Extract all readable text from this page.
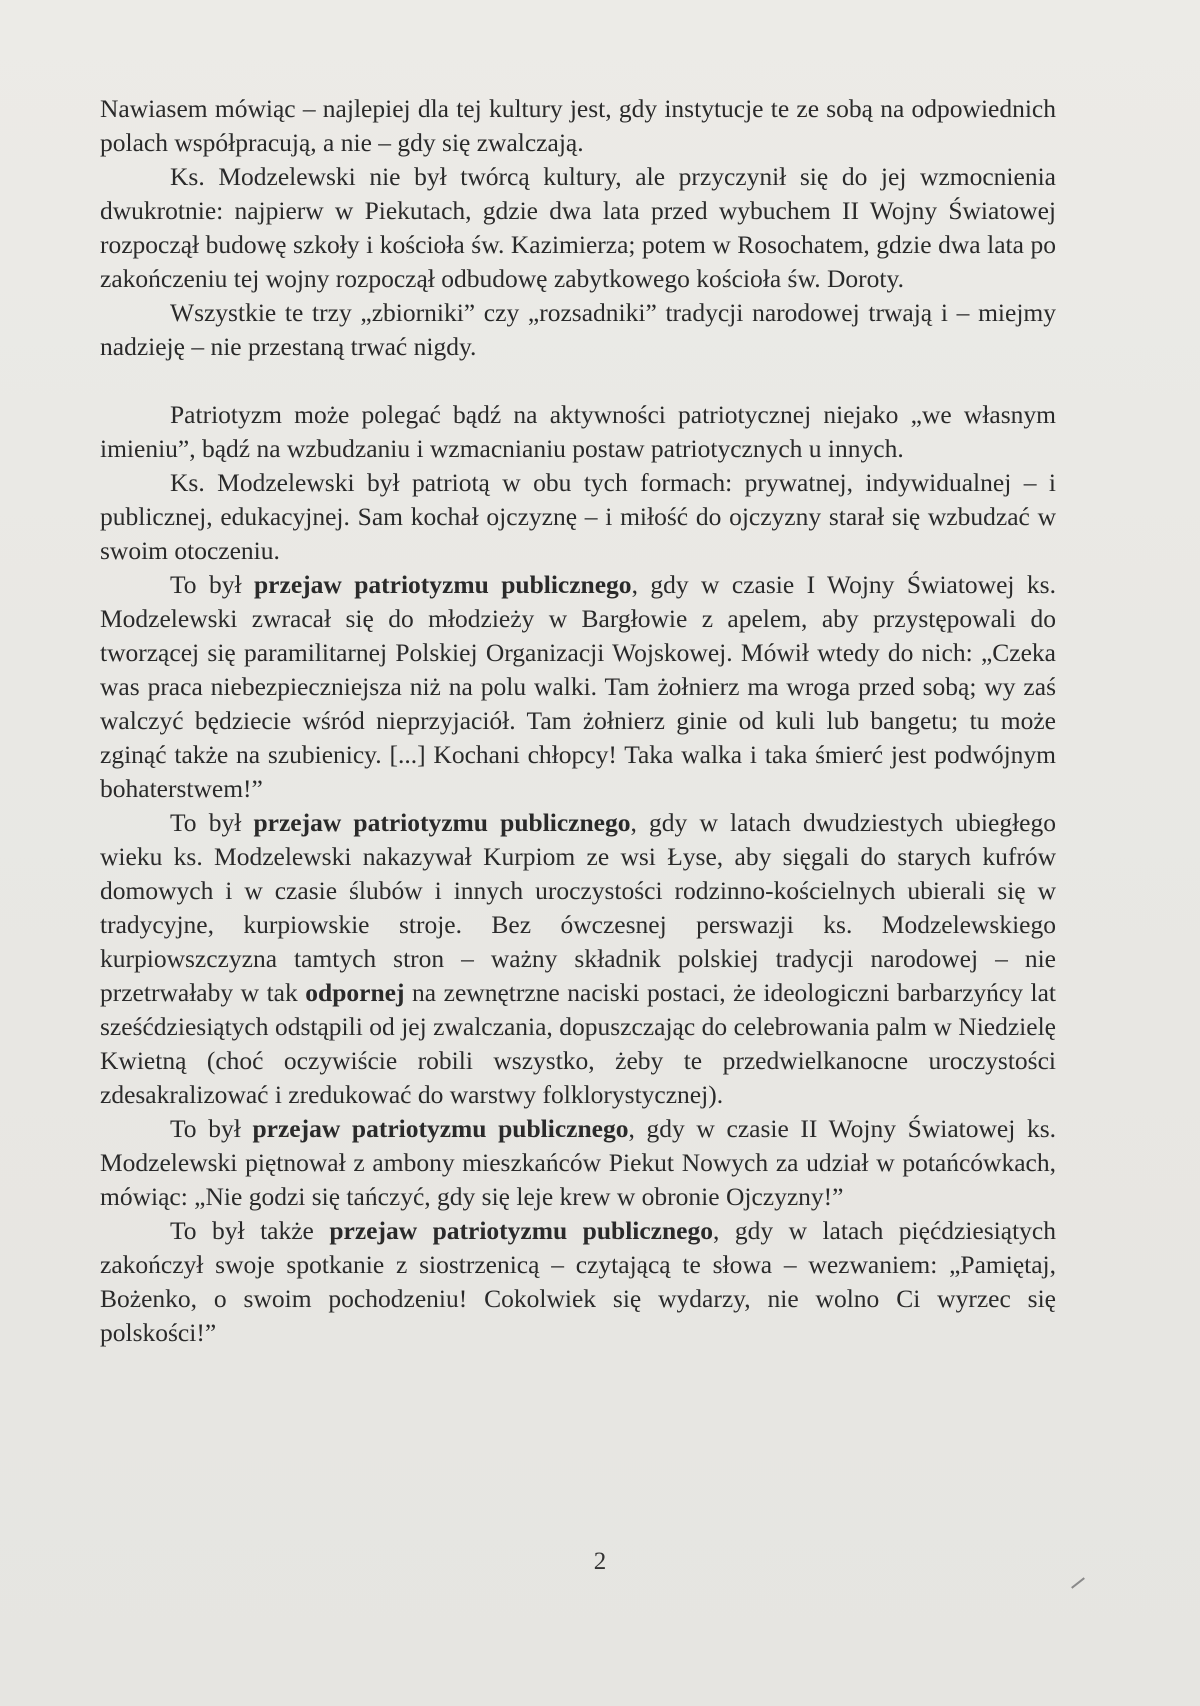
Nawiasem mówiąc – najlepiej dla tej kultury jest, gdy instytucje te ze sobą na odpowiednich polach współpracują, a nie – gdy się zwalczają.

Ks. Modzelewski nie był twórcą kultury, ale przyczynił się do jej wzmocnienia dwukrotnie: najpierw w Piekutach, gdzie dwa lata przed wybuchem II Wojny Światowej rozpoczął budowę szkoły i kościoła św. Kazimierza; potem w Rosochatem, gdzie dwa lata po zakończeniu tej wojny rozpoczął odbudowę zabytkowego kościoła św. Doroty.

Wszystkie te trzy „zbiorniki” czy „rozsadniki” tradycji narodowej trwają i – miejmy nadzieję – nie przestaną trwać nigdy.

Patriotyzm może polegać bądź na aktywności patriotycznej niejako „we własnym imieniu”, bądź na wzbudzaniu i wzmacnianiu postaw patriotycznych u innych.

Ks. Modzelewski był patriotą w obu tych formach: prywatnej, indywidualnej – i publicznej, edukacyjnej. Sam kochał ojczyznę – i miłość do ojczyzny starał się wzbudzać w swoim otoczeniu.

To był przejaw patriotyzmu publicznego, gdy w czasie I Wojny Światowej ks. Modzelewski zwracał się do młodzieży w Bargłowie z apelem, aby przystępowali do tworzącej się paramilitarnej Polskiej Organizacji Wojskowej. Mówił wtedy do nich: „Czeka was praca niebezpieczniejsza niż na polu walki. Tam żołnierz ma wroga przed sobą; wy zaś walczyć będziecie wśród nieprzyjaciół. Tam żołnierz ginie od kuli lub bangetu; tu może zginąć także na szubienicy. [...] Kochani chłopcy! Taka walka i taka śmierć jest podwójnym bohaterstwem!”

To był przejaw patriotyzmu publicznego, gdy w latach dwudziestych ubiegłego wieku ks. Modzelewski nakazywał Kurpiom ze wsi Łyse, aby sięgali do starych kufrów domowych i w czasie ślubów i innych uroczystości rodzinno-kościelnych ubierali się w tradycyjne, kurpiowskie stroje. Bez ówczesnej perswazji ks. Modzelewskiego kurpiowszczyzna tamtych stron – ważny składnik polskiej tradycji narodowej – nie przetrwałaby w tak odpornej na zewnętrzne naciski postaci, że ideologiczni barbarzyńcy lat sześćdziesiątych odstąpili od jej zwalczania, dopuszczając do celebrowania palm w Niedzielę Kwietną (choć oczywiście robili wszystko, żeby te przedwielkanocne uroczystości zdesakralizować i zredukować do warstwy folklorystycznej).

To był przejaw patriotyzmu publicznego, gdy w czasie II Wojny Światowej ks. Modzelewski piętnował z ambony mieszkańców Piekut Nowych za udział w potańcówkach, mówiąc: „Nie godzi się tańczyć, gdy się leje krew w obronie Ojczyzny!”

To był także przejaw patriotyzmu publicznego, gdy w latach pięćdziesiątych zakończył swoje spotkanie z siostrzenicą – czytającą te słowa – wezwaniem: „Pamiętaj, Bożenko, o swoim pochodzeniu! Cokolwiek się wydarzy, nie wolno Ci wyrzec się polskości!”

2
